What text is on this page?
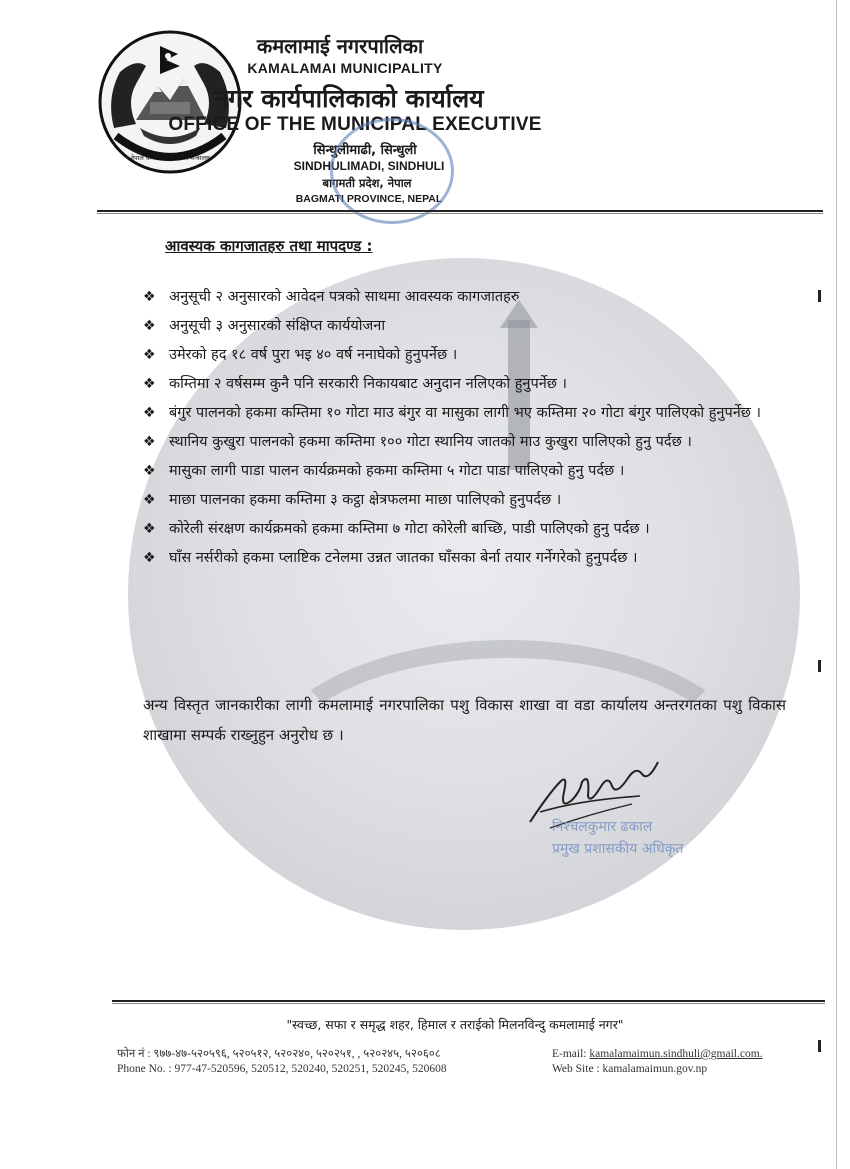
नेपाल कमलामाई स्वास्थ्य मन्त्रालय
कमलामाई नगरपालिका
KAMALAMAI MUNICIPALITY
नगर कार्यपालिकाको कार्यालय
OFFICE OF THE MUNICIPAL EXECUTIVE
सिन्धुलीमाढी, सिन्धुली
SINDHULIMADI, SINDHULI
बागमती प्रदेश, नेपाल
BAGMATI PROVINCE, NEPAL
आवस्यक कागजातहरु तथा मापदण्ड :
❖ अनुसूची २ अनुसारको आवेदन पत्रको साथमा आवस्यक कागजातहरु
❖ अनुसूची ३ अनुसारको संक्षिप्त कार्ययोजना
❖ उमेरको हद १८ वर्ष पुरा भइ ४० वर्ष ननाघेको हुनुपर्नेछ ।
❖ कम्तिमा २ वर्षसम्म कुनै पनि सरकारी निकायबाट अनुदान नलिएको हुनुपर्नेछ ।
❖ बंगुर पालनको हकमा कम्तिमा १० गोटा माउ बंगुर वा मासुका लागी भए कम्तिमा २० गोटा बंगुर पालिएको हुनुपर्नेछ ।
❖ स्थानिय कुखुरा पालनको हकमा कम्तिमा १०० गोटा स्थानिय जातको माउ कुखुरा पालिएको हुनु पर्दछ ।
❖ मासुका लागी पाडा पालन कार्यक्रमको हकमा कम्तिमा ५ गोटा पाडा पालिएको हुनु पर्दछ ।
❖ माछा पालनका हकमा कम्तिमा ३ कट्ठा क्षेत्रफलमा माछा पालिएको हुनुपर्दछ ।
❖ कोरेली संरक्षण कार्यक्रमको हकमा कम्तिमा ७ गोटा कोरेली बाच्छि, पाडी पालिएको हुनु पर्दछ ।
❖ घाँस नर्सरीको हकमा प्लाष्टिक टनेलमा उन्नत जातका घाँसका बेर्ना तयार गर्नेगरेको हुनुपर्दछ ।
अन्य विस्तृत जानकारीका लागी कमलामाई नगरपालिका पशु विकास शाखा वा वडा कार्यालय अन्तरगतका पशु विकास शाखामा सम्पर्क राख्नुहुन अनुरोध छ ।
निश्चलकुमार ढकाल
प्रमुख प्रशासकीय अधिकृत
"स्वच्छ, सफा र समृद्ध शहर, हिमाल र तराईको मिलनविन्दु कमलामाई नगर"
फोन नं : ९७७-४७-५२०५९६, ५२०५१२, ५२०२४०, ५२०२५१, , ५२०२४५, ५२०६०८
Phone No. : 977-47-520596, 520512, 520240, 520251, 520245, 520608
E-mail: kamalamaimun.sindhuli@gmail.com.
Web Site : kamalamaimun.gov.np
